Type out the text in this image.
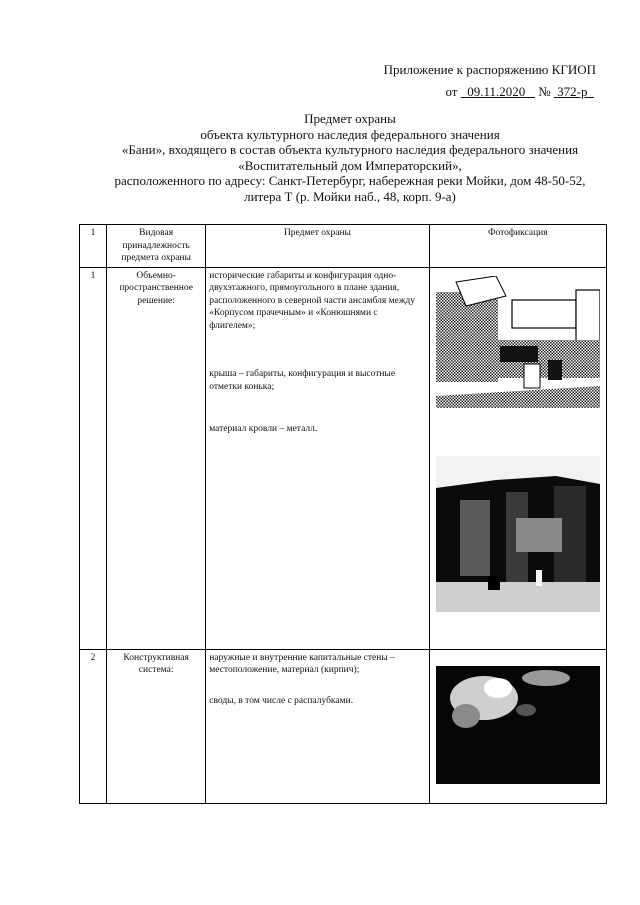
Приложение к распоряжению КГИОП
от 09.11.2020 № 372-р
Предмет охраны
объекта культурного наследия федерального значения
«Бани», входящего в состав объекта культурного наследия федерального значения
«Воспитательный дом Императорский»,
расположенного по адресу: Санкт-Петербург, набережная реки Мойки, дом 48-50-52,
литера Т (р. Мойки наб., 48, корп. 9-а)
1	Видовая принадлежность предмета охраны	Предмет охраны	Фотофиксация
1	Объемно-пространственное решение:	исторические габариты и конфигурация одно-двухэтажного, прямоугольного в плане здания, расположенного в северной части ансамбля между «Корпусом прачечным» и «Конюшнями с флигелем»;
крыша – габариты, конфигурация и высотные отметки конька;
материал кровли – металл.

2	Конструктивная система:	наружные и внутренние капитальные стены – местоположение, материал (кирпич);
своды, в том числе с распалубками.
